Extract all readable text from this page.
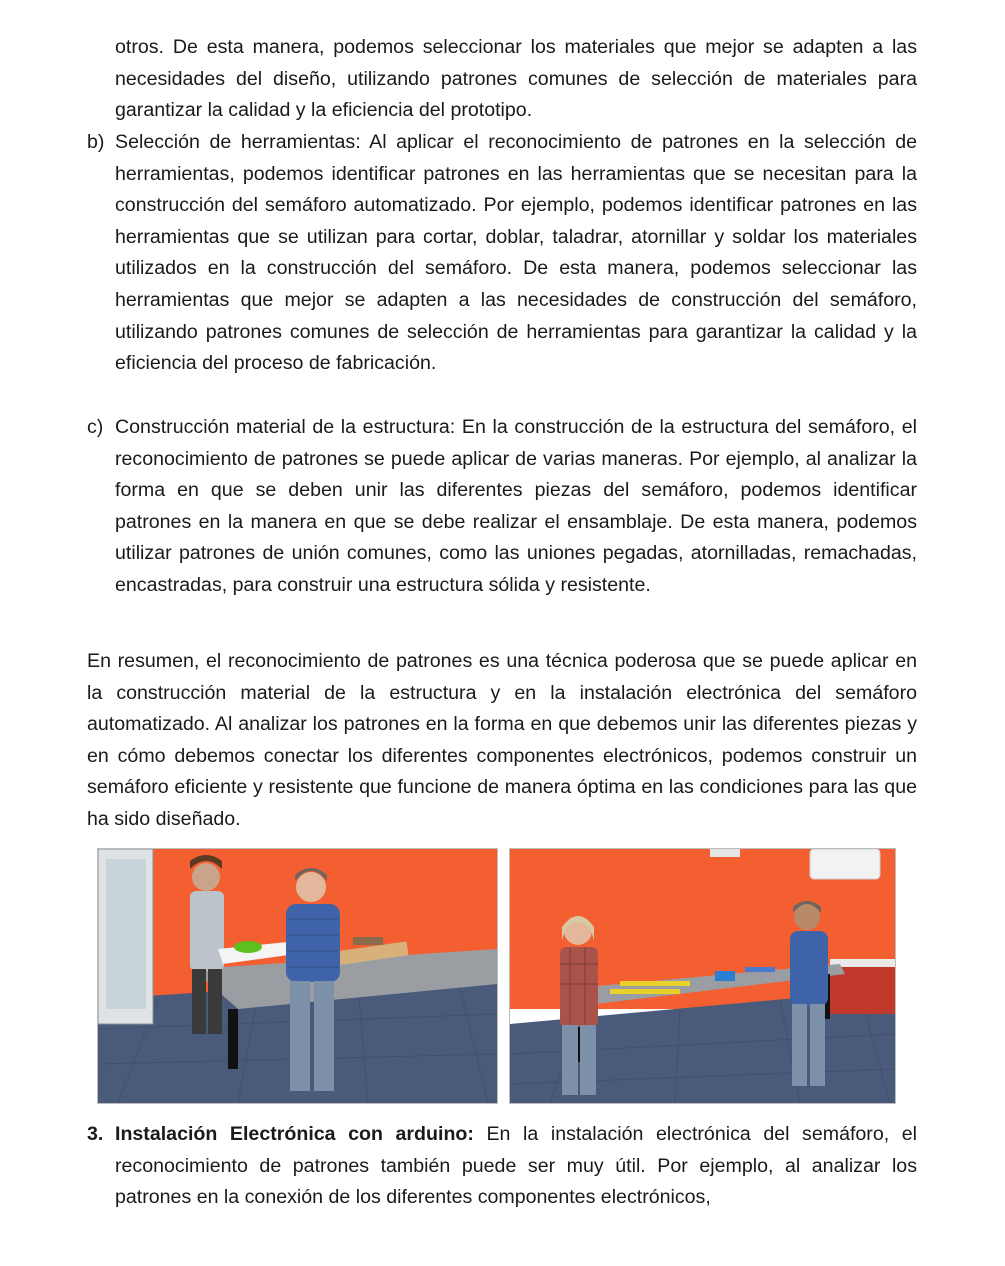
otros. De esta manera, podemos seleccionar los materiales que mejor se adapten a las necesidades del diseño, utilizando patrones comunes de selección de materiales para garantizar la calidad y la eficiencia del prototipo.

b) Selección de herramientas: Al aplicar el reconocimiento de patrones en la selección de herramientas, podemos identificar patrones en las herramientas que se necesitan para la construcción del semáforo automatizado. Por ejemplo, podemos identificar patrones en las herramientas que se utilizan para cortar, doblar, taladrar, atornillar y soldar los materiales utilizados en la construcción del semáforo. De esta manera, podemos seleccionar las herramientas que mejor se adapten a las necesidades de construcción del semáforo, utilizando patrones comunes de selección de herramientas para garantizar la calidad y la eficiencia del proceso de fabricación.

c) Construcción material de la estructura: En la construcción de la estructura del semáforo, el reconocimiento de patrones se puede aplicar de varias maneras. Por ejemplo, al analizar la forma en que se deben unir las diferentes piezas del semáforo, podemos identificar patrones en la manera en que se debe realizar el ensamblaje. De esta manera, podemos utilizar patrones de unión comunes, como las uniones pegadas, atornilladas, remachadas, encastradas, para construir una estructura sólida y resistente.

En resumen, el reconocimiento de patrones es una técnica poderosa que se puede aplicar en la construcción material de la estructura y en la instalación electrónica del semáforo automatizado. Al analizar los patrones en la forma en que debemos unir las diferentes piezas y en cómo debemos conectar los diferentes componentes electrónicos, podemos construir un semáforo eficiente y resistente que funcione de manera óptima en las condiciones para las que ha sido diseñado.

3. Instalación Electrónica con arduino: En la instalación electrónica del semáforo, el reconocimiento de patrones también puede ser muy útil. Por ejemplo, al analizar los patrones en la conexión de los diferentes componentes electrónicos,
